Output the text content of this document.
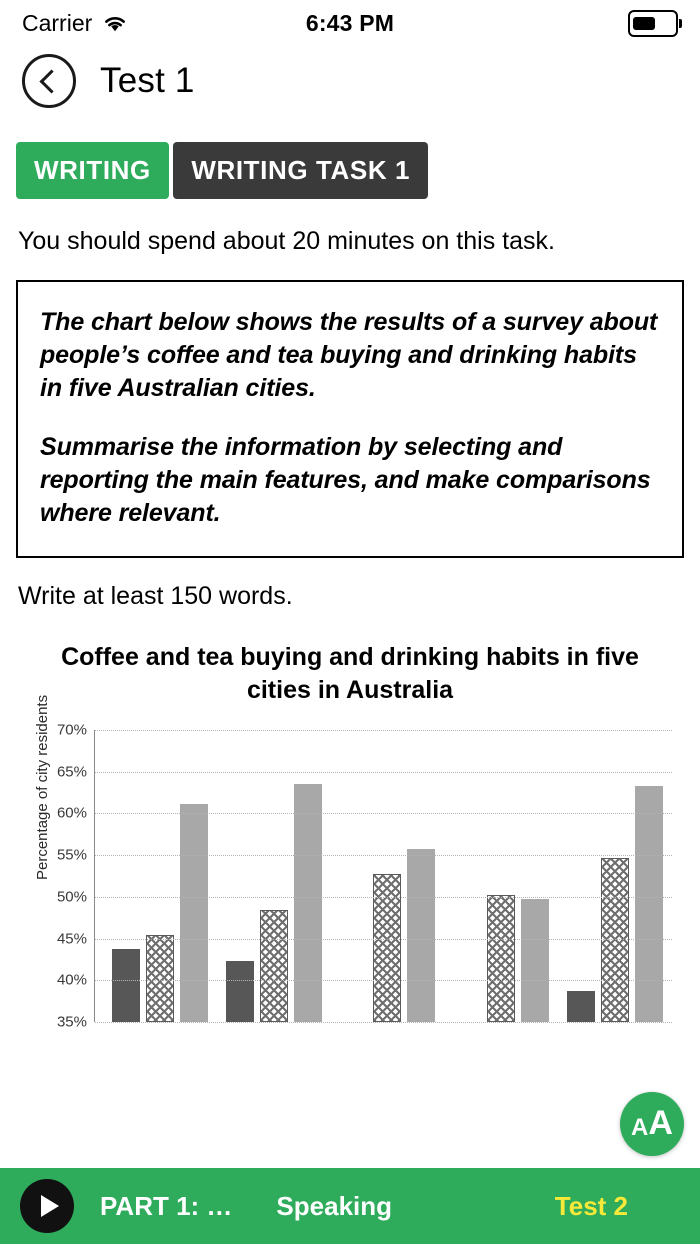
Carrier	6:43 PM
Test 1
WRITING WRITING TASK 1
You should spend about 20 minutes on this task.

The chart below shows the results of a survey about people’s coffee and tea buying and drinking habits in five Australian cities.

Summarise the information by selecting and reporting the main features, and make comparisons where relevant.

Write at least 150 words.
Coffee and tea buying and drinking habits in five cities in Australia
Percentage of city residents
35%
40%
45%
50%
55%
60%
65%
70%
A A
PART 1: … Speaking	Test 2
